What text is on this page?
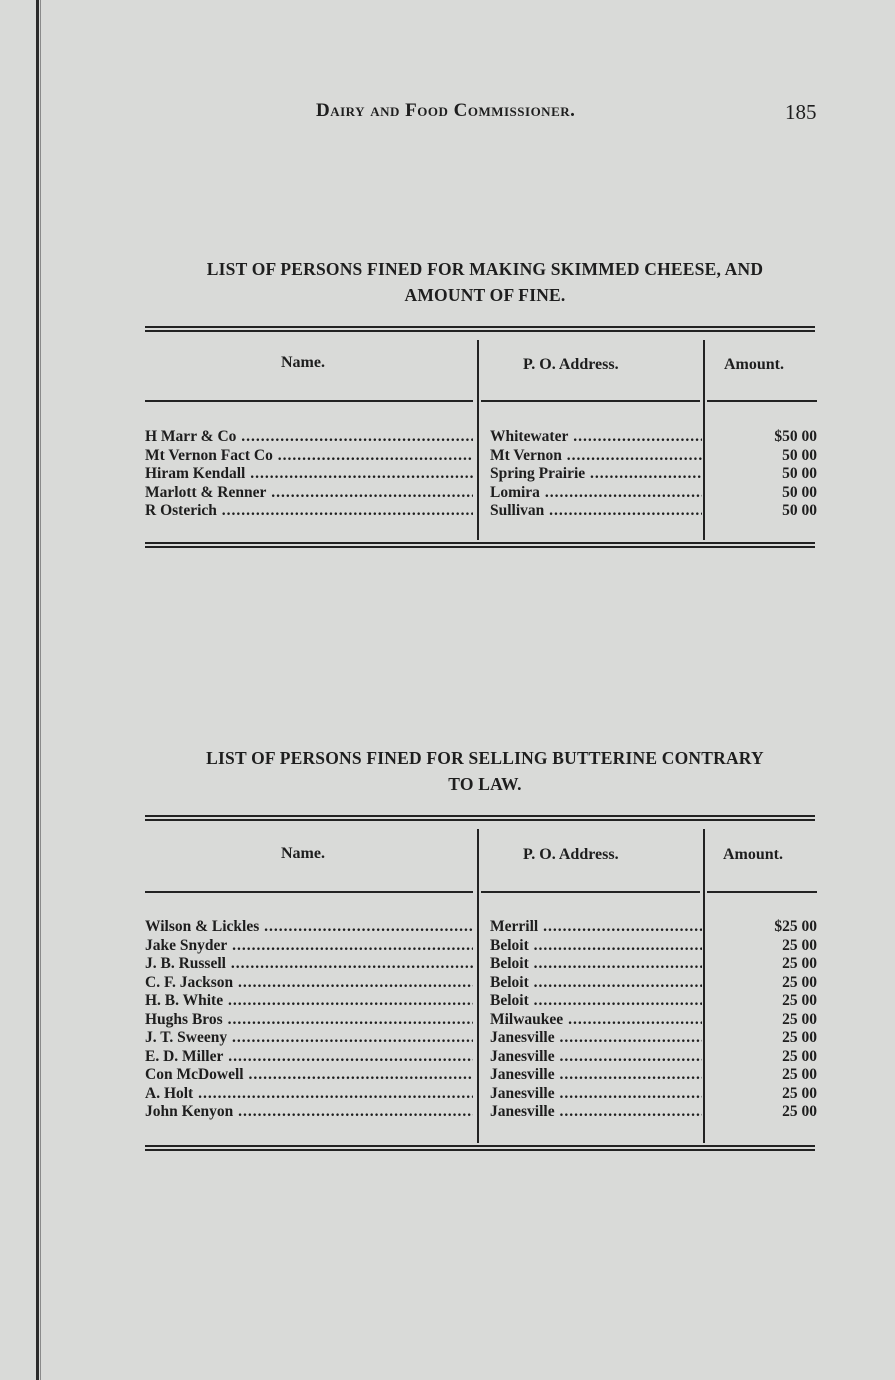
Dairy and Food Commissioner.	185
LIST OF PERSONS FINED FOR MAKING SKIMMED CHEESE, AND
AMOUNT OF FINE.
Name.	P. O. Address.	Amount.
H Marr & Co .....	Whitewater .....	$50 00
Mt Vernon Fact Co .....	Mt Vernon .....	50 00
Hiram Kendall .....	Spring Prairie .....	50 00
Marlott & Renner .....	Lomira .....	50 00
R Osterich .....	Sullivan .....	50 00
LIST OF PERSONS FINED FOR SELLING BUTTERINE CONTRARY
TO LAW.
Name.	P. O. Address.	Amount.
Wilson & Lickles .....	Merrill .....	$25 00
Jake Snyder .....	Beloit .....	25 00
J. B. Russell .....	Beloit .....	25 00
C. F. Jackson .....	Beloit .....	25 00
H. B. White .....	Beloit .....	25 00
Hughs Bros .....	Milwaukee .....	25 00
J. T. Sweeny .....	Janesville .....	25 00
E. D. Miller .....	Janesville .....	25 00
Con McDowell .....	Janesville .....	25 00
A. Holt .....	Janesville .....	25 00
John Kenyon .....	Janesville .....	25 00
